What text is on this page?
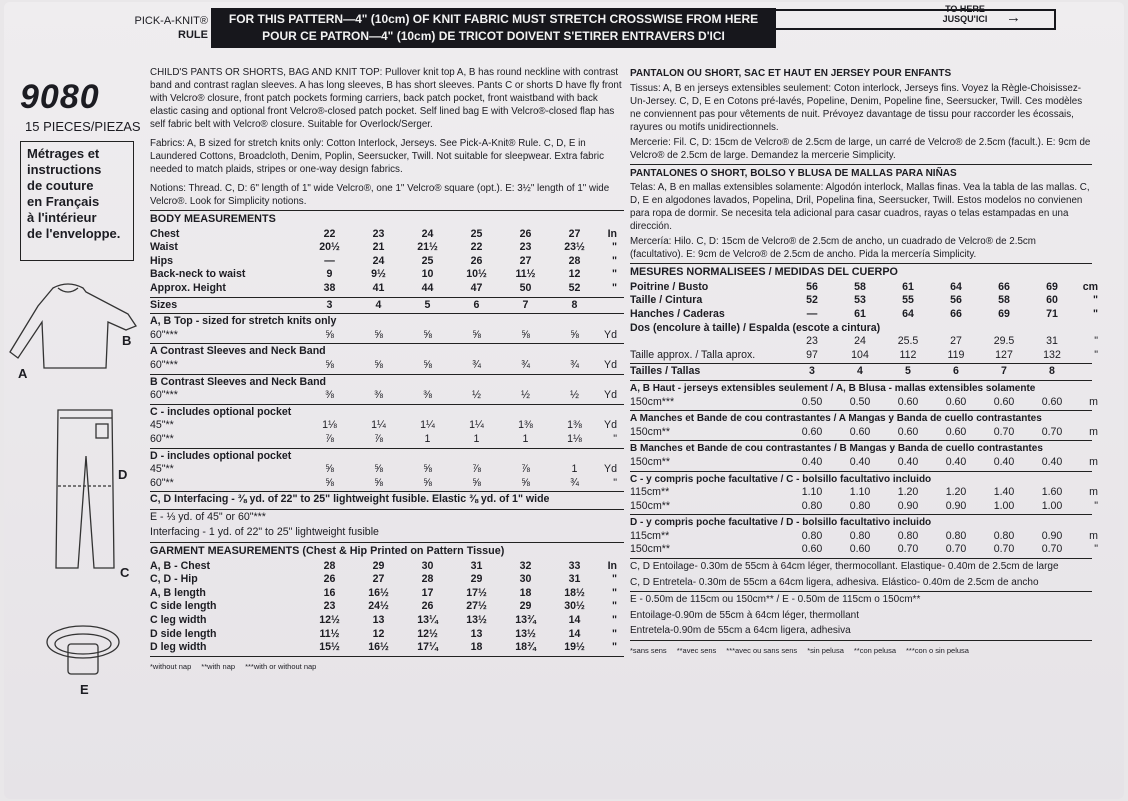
PICK-A-KNIT®
RULE
FOR THIS PATTERN—4" (10cm) OF KNIT FABRIC MUST STRETCH CROSSWISE FROM HERE
POUR CE PATRON—4" (10cm) DE TRICOT DOIVENT S'ETIRER ENTRAVERS D'ICI
TO HERE
JUSQU'ICI	→
9080
15 PIECES/PIEZAS
Métrages et
instructions
de couture
en Français
à l'intérieur
de l'enveloppe.
B
A
D
C
E
CHILD'S PANTS OR SHORTS, BAG AND KNIT TOP: Pullover knit top A, B has round neckline with contrast band and contrast raglan sleeves. A has long sleeves, B has short sleeves. Pants C or shorts D have fly front with Velcro® closure, front patch pockets forming carriers, back patch pocket, front waistband with back elastic casing and optional front Velcro®-closed patch pocket. Self lined bag E with Velcro®-closed flap has self fabric belt with Velcro® closure. Suitable for Overlock/Serger.
Fabrics: A, B sized for stretch knits only: Cotton Interlock, Jerseys. See Pick-A-Knit® Rule. C, D, E in Laundered Cottons, Broadcloth, Denim, Poplin, Seersucker, Twill. Not suitable for sleepwear. Extra fabric needed to match plaids, stripes or one-way design fabrics.
Notions: Thread. C, D: 6" length of 1" wide Velcro®, one 1" Velcro® square (opt.). E: 3½" length of 1" wide Velcro®. Look for Simplicity notions.
BODY MEASUREMENTS
Chest	22	23	24	25	26	27	In
Waist	20½	21	21½	22	23	23½	"
Hips	—	24	25	26	27	28	"
Back-neck to waist	9	9½	10	10½	11½	12	"
Approx. Height	38	41	44	47	50	52	"
Sizes	3	4	5	6	7	8
A, B Top - sized for stretch knits only
60"***	⅝	⅝	⅝	⅝	⅝	⅝	Yd
A Contrast Sleeves and Neck Band
60"***	⅝	⅝	⅝	¾	¾	¾	Yd
B Contrast Sleeves and Neck Band
60"***	⅜	⅜	⅜	½	½	½	Yd
C - includes optional pocket
45"**	1⅛	1¼	1¼	1¼	1⅜	1⅜	Yd
60"**	⅞	⅞	1	1	1	1⅛	"
D - includes optional pocket
45"**	⅝	⅝	⅝	⅞	⅞	1	Yd
60"**	⅝	⅝	⅝	⅝	⅝	¾	"
C, D Interfacing - ⅜ yd. of 22" to 25" lightweight fusible. Elastic ⅜ yd. of 1" wide
E - ⅓ yd. of 45" or 60"***
Interfacing - 1 yd. of 22" to 25" lightweight fusible
GARMENT MEASUREMENTS (Chest & Hip Printed on Pattern Tissue)
A, B - Chest	28	29	30	31	32	33	In
C, D - Hip	26	27	28	29	30	31	"
A, B length	16	16½	17	17½	18	18½	"
C side length	23	24½	26	27½	29	30½	"
C leg width	12½	13	13¼	13½	13¾	14	"
D side length	11½	12	12½	13	13½	14	"
D leg width	15½	16½	17¼	18	18¾	19½	"
*without nap **with nap ***with or without nap
PANTALON OU SHORT, SAC ET HAUT EN JERSEY POUR ENFANTS
Tissus: A, B en jerseys extensibles seulement: Coton interlock, Jerseys fins. Voyez la Règle-Choisissez-Un-Jersey. C, D, E en Cotons pré-lavés, Popeline, Denim, Popeline fine, Seersucker, Twill. Ces modèles ne conviennent pas pour vêtements de nuit. Prévoyez davantage de tissu pour raccorder les écossais, rayures ou motifs unidirectionnels.
Mercerie: Fil. C, D: 15cm de Velcro® de 2.5cm de large, un carré de Velcro® de 2.5cm (facult.). E: 9cm de Velcro® de 2.5cm de large. Demandez la mercerie Simplicity.
PANTALONES O SHORT, BOLSO Y BLUSA DE MALLAS PARA NIÑAS
Telas: A, B en mallas extensibles solamente: Algodón interlock, Mallas finas. Vea la tabla de las mallas. C, D, E en algodones lavados, Popelina, Dril, Popelina fina, Seersucker, Twill. Estos modelos no convienen para ropa de dormir. Se necesita tela adicional para casar cuadros, rayas o telas estampadas en una dirección.
Mercería: Hilo. C, D: 15cm de Velcro® de 2.5cm de ancho, un cuadrado de Velcro® de 2.5cm (facultativo). E: 9cm de Velcro® de 2.5cm de ancho. Pida la mercería Simplicity.
MESURES NORMALISEES / MEDIDAS DEL CUERPO
Poitrine / Busto	56	58	61	64	66	69	cm
Taille / Cintura	52	53	55	56	58	60	"
Hanches / Caderas	—	61	64	66	69	71	"
Dos (encolure à taille) / Espalda (escote a cintura)
23	24	25.5	27	29.5	31	"
Taille approx. / Talla aprox.	97	104	112	119	127	132	"
Tailles / Tallas	3	4	5	6	7	8
A, B Haut - jerseys extensibles seulement / A, B Blusa - mallas extensibles solamente
150cm***	0.50	0.50	0.60	0.60	0.60	0.60	m
A Manches et Bande de cou contrastantes / A Mangas y Banda de cuello contrastantes
150cm**	0.60	0.60	0.60	0.60	0.70	0.70	m
B Manches et Bande de cou contrastantes / B Mangas y Banda de cuello contrastantes
150cm**	0.40	0.40	0.40	0.40	0.40	0.40	m
C - y compris poche facultative / C - bolsillo facultativo incluido
115cm**	1.10	1.10	1.20	1.20	1.40	1.60	m
150cm**	0.80	0.80	0.90	0.90	1.00	1.00	"
D - y compris poche facultative / D - bolsillo facultativo incluido
115cm**	0.80	0.80	0.80	0.80	0.80	0.90	m
150cm**	0.60	0.60	0.70	0.70	0.70	0.70	"
C, D Entoilage- 0.30m de 55cm à 64cm léger, thermocollant. Elastique- 0.40m de 2.5cm de large
C, D Entretela- 0.30m de 55cm a 64cm ligera, adhesiva. Elástico- 0.40m de 2.5cm de ancho
E - 0.50m de 115cm ou 150cm** / E - 0.50m de 115cm o 150cm**
Entoilage-0.90m de 55cm à 64cm léger, thermollant
Entretela-0.90m de 55cm a 64cm ligera, adhesiva
*sans sens **avec sens ***avec ou sans sens *sin pelusa **con pelusa ***con o sin pelusa
